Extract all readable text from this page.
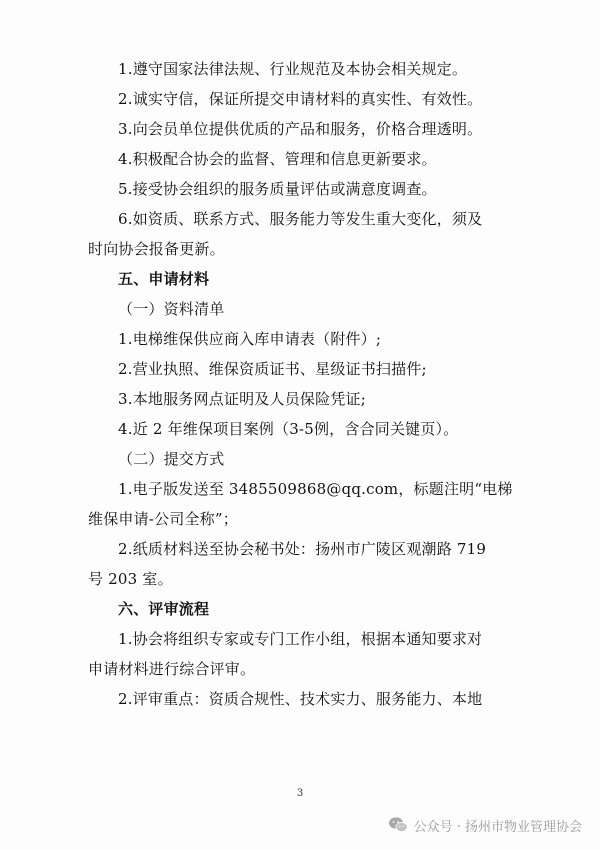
1.遵守国家法律法规、行业规范及本协会相关规定。
2.诚实守信，保证所提交申请材料的真实性、有效性。
3.向会员单位提供优质的产品和服务，价格合理透明。
4.积极配合协会的监督、管理和信息更新要求。
5.接受协会组织的服务质量评估或满意度调查。
6.如资质、联系方式、服务能力等发生重大变化，须及
时向协会报备更新。
五、申请材料
（一）资料清单
1.电梯维保供应商入库申请表（附件）;
2.营业执照、维保资质证书、星级证书扫描件;
3.本地服务网点证明及人员保险凭证;
4.近 2 年维保项目案例（3-5例，含合同关键页）。
（二）提交方式
1.电子版发送至 3485509868@qq.com，标题注明“电梯
维保申请-公司全称”；
2.纸质材料送至协会秘书处：扬州市广陵区观潮路 719
号 203 室。
六、评审流程
1.协会将组织专家或专门工作小组，根据本通知要求对
申请材料进行综合评审。
2.评审重点：资质合规性、技术实力、服务能力、本地
3
公众号 · 扬州市物业管理协会
